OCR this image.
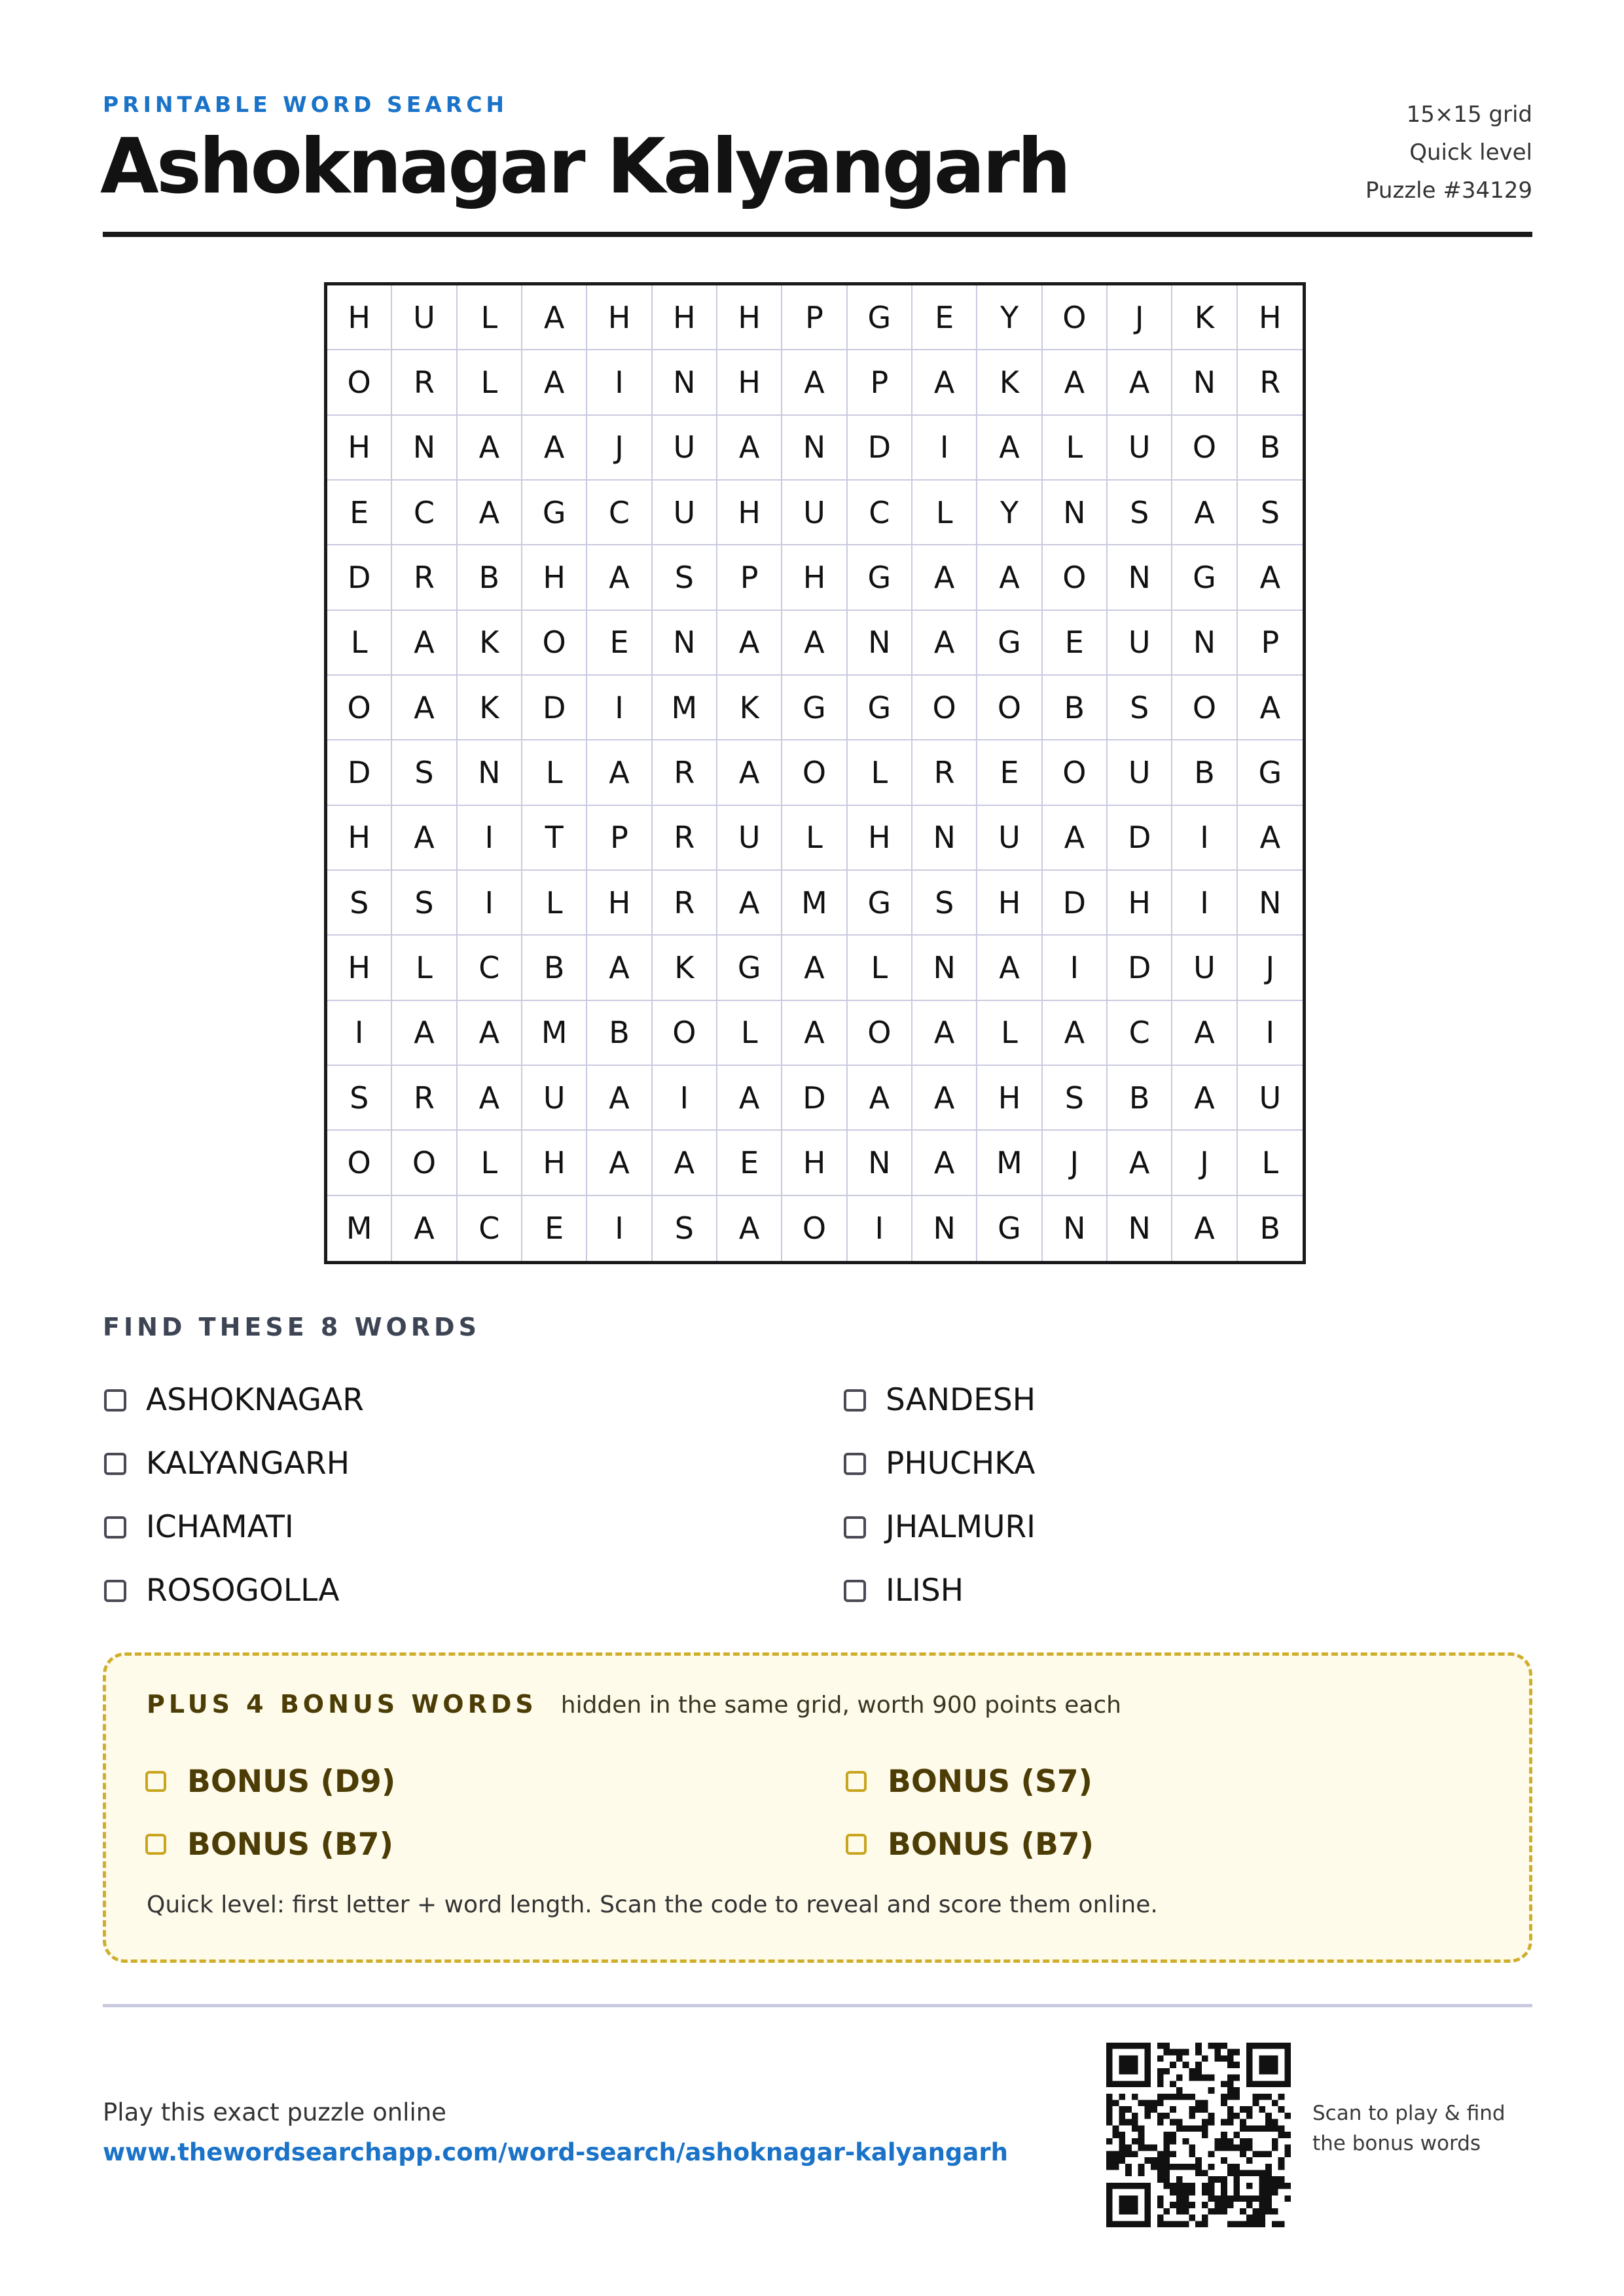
PRINTABLE WORD SEARCH
Ashoknagar Kalyangarh
15×15 grid
Quick level
Puzzle #34129
H	U	L	A	H	H	H	P	G	E	Y	O	J	K	H
O	R	L	A	I	N	H	A	P	A	K	A	A	N	R
H	N	A	A	J	U	A	N	D	I	A	L	U	O	B
E	C	A	G	C	U	H	U	C	L	Y	N	S	A	S
D	R	B	H	A	S	P	H	G	A	A	O	N	G	A
L	A	K	O	E	N	A	A	N	A	G	E	U	N	P
O	A	K	D	I	M	K	G	G	O	O	B	S	O	A
D	S	N	L	A	R	A	O	L	R	E	O	U	B	G
H	A	I	T	P	R	U	L	H	N	U	A	D	I	A
S	S	I	L	H	R	A	M	G	S	H	D	H	I	N
H	L	C	B	A	K	G	A	L	N	A	I	D	U	J
I	A	A	M	B	O	L	A	O	A	L	A	C	A	I
S	R	A	U	A	I	A	D	A	A	H	S	B	A	U
O	O	L	H	A	A	E	H	N	A	M	J	A	J	L
M	A	C	E	I	S	A	O	I	N	G	N	N	A	B
FIND THESE 8 WORDS
ASHOKNAGAR	SANDESH
KALYANGARH	PHUCHKA
ICHAMATI	JHALMURI
ROSOGOLLA	ILISH
PLUS 4 BONUS WORDS hidden in the same grid, worth 900 points each
BONUS (D9)	BONUS (S7)
BONUS (B7)	BONUS (B7)
Quick level: first letter + word length. Scan the code to reveal and score them online.
Play this exact puzzle online
www.thewordsearchapp.com/word-search/ashoknagar-kalyangarh
Scan to play & find
the bonus words
